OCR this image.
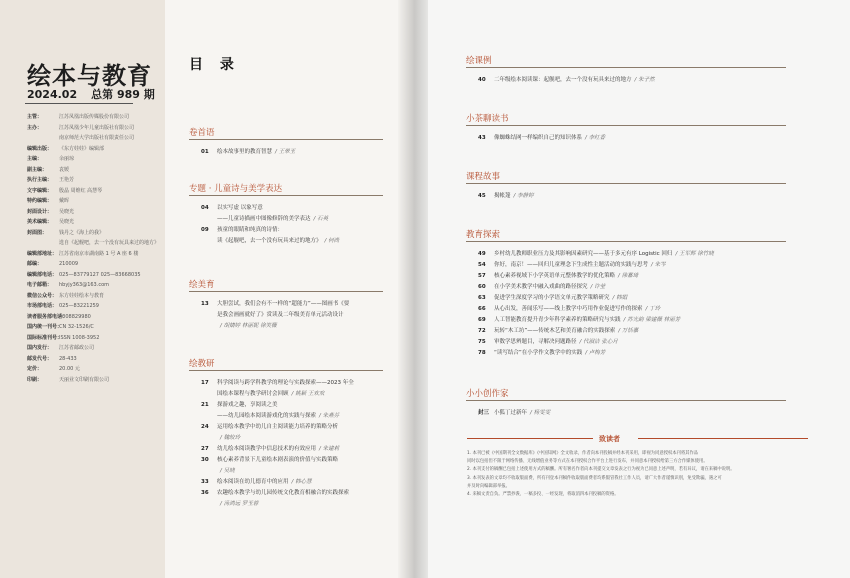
绘本与教育
2024.02 总第 989 期
主管：	江苏凤凰出版传媒股份有限公司
主办：	江苏凤凰少年儿童出版社有限公司
南京师范大学出版社有限责任公司
编辑出版： 《东方娃娃》编辑部
主编：	余丽琼
副主编： 袁媛
执行主编： 王艳芳
文字编辑： 殷晶 周维红 高慧琴
特约编辑： 戴晖
封面设计： 吴晓光
美术编辑： 吴晓光
封面图： 钱丹之《海上的我》
选自《起舰吧，去一个没有玩具来过的地方》
编辑部地址： 江苏省南京市湖南路 1 号 A 座 6 楼
邮编：	210009
编辑部电话： 025—83779127 025—83668035
电子邮箱： hbyjy363@163.com
微信公众号： 东方娃娃绘本与教育
市场部电话： 025—83221259
读者服务部电话：4008829980
国内统一刊号：CN 32-1526/C
国际标准刊号：ISSN 1008-3952
国内发行： 江苏省邮政公司
邮发代号： 28-433
定价：	20.00 元
印刷：	天丽业文印刷有限公司
目 录
卷首语
01 绘本故事里的教育智慧 / 王翠玉
专题 · 儿童诗与美学表达
04 以实写虚 以象写意
——儿童诗描画中图像修辞的美学表达 / 石英
09 孩童的眼睛和纯真的诗情：
读《起舰吧，去一个没有玩具来过的地方》 / 何尚
绘美育
13 大胆尝试，我们会有不一样的“超能力”——图画书《要
是我会画画就好了》赏读及二年级美育单元活动设计
/ 胡婧婷 林丽妮 徐笑薇
绘教研
17 科学阅读与跨学科教学的理论与实践探索——2023 年全
国绘本课程与教学研讨会回顾 / 姚颖 王欢欢
21 探游戏之趣，享阅读之美
——幼儿园绘本阅读游戏化的实践与探索 / 朱燕芬
24 运用绘本教学中幼儿自主阅读能力培养的策略分析
/ 魏皎玲
27 幼儿绘本阅读教学中信息技术的有效应用 / 朱建莉
30 核心素养背景下儿童绘本剧表演的价值与实践策略
/ 吴晓
33 绘本阅读在幼儿德育中的应用 / 韩心慧
36 农趣绘本教学与幼儿园传统文化教育相融合的实践探索
/ 汤鸿远 罗玉蓉
绘课例
40 二年级绘本阅读课：起舰吧，去一个没有玩具来过的地方 / 朱子然
小茶聊读书
43 像蜘蛛结网一样编织自己的知识体系 / 李红香
课程故事
45 揭帐篷 / 李静婷
教育探索
49 乡村幼儿教师职业压力及其影响因素研究——基于多元有序 Logistic 回归 / 王军辉 徐竹晓
54 你好，南京！——回归儿童理念下生成性主题活动的实践与思考 / 朱岑
57 核心素养视域下小学英语单元整体教学的优化策略 / 徐嘉琦
60 在小学美术教学中融入戏曲的路径探究 / 许莹
63 促进学生深度学习的小学语文单元教学策略研究 / 韩娟
66 从心出发，善闻乐写——线上教学中巧用作业促进写作的探索 / 丁玲
69 人工智能教育提升青少年科学素养的策略研究与实践 / 苏光韵 梁建薇 林丽芳
72 玩转“木工坊”——传统木艺和美育融合的实践探索 / 万恬嘉
75 审数学思辨题目，寻解决问题路径 / 代淑洁 张心月
78 “读写结合”在小学作文教学中的实践 / 卢梅芳
小小创作家
封三 小狐丁过新年 / 杨雯雯
致读者

1. 本刊已被《中国期刊全文数据库》《中国知网》全文收录，作者向本刊投稿并经本刊采用，即视为同意授权本刊将其作品

同时以包括但不限于网络传播、无线增值业务等方式在本刊授权合作平台上进行发布，并同意本刊授权给第三方合作媒体使用。

2. 本刊支付的稿酬已包括上述使用方式的稿酬。所有署名作者向本刊提交文章发表之行为视为已同意上述声明，若有异议，请在来稿中说明。

3. 本刊发表的文章均不收取版面费，所有刊登本刊稿件收取版面费者均系假冒我社工作人员，请广大作者谨慎识别，免受欺骗，遇之可

并及时向编辑部举报。

4. 来稿文责自负。严禁抄袭、一稿多投、一经发现，将取消四本刊投稿的资格。
